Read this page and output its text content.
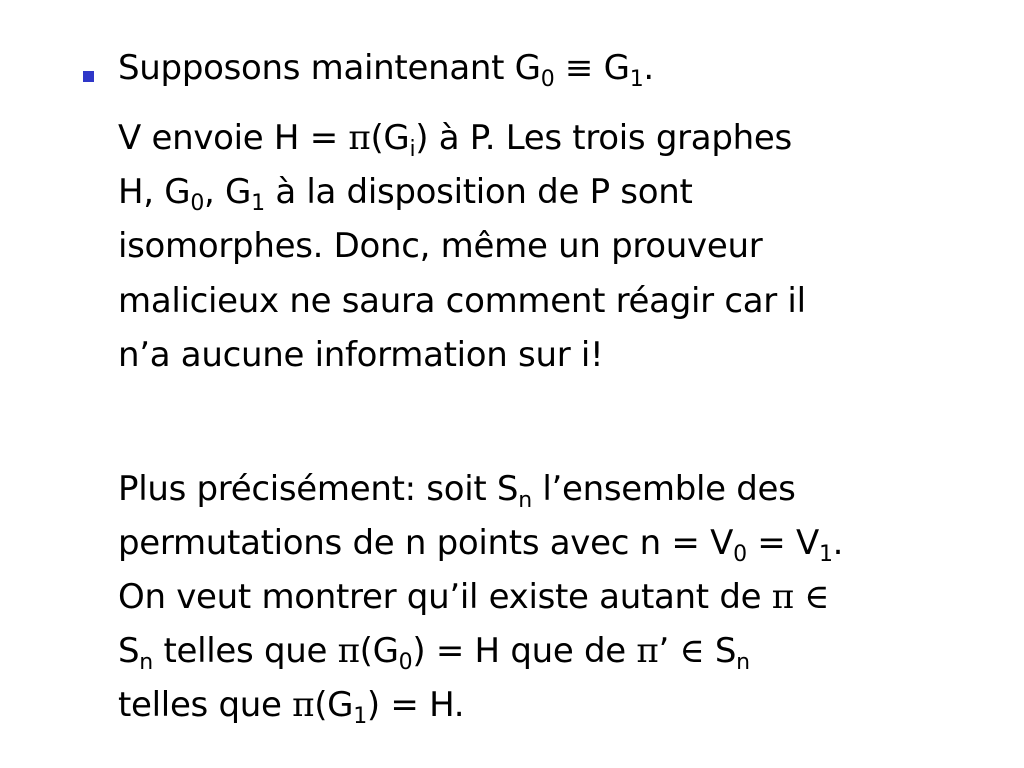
Supposons maintenant $G_0 \equiv G_1$.
V envoie $H = \pi(G_i)$ à P. Les trois graphes
H, $G_0$, $G_1$ à la disposition de P sont
isomorphes. Donc, même un prouveur
malicieux ne saura comment réagir car il
n’a aucune information sur i!
Plus précisément: soit $S_n$ l’ensemble des
permutations de n points avec $n = V_0 = V_1$.
On veut montrer qu’il existe autant de π ∈
$S_n$ telles que $\pi(G_0) = H$ que de π’ ∈ $S_n$
telles que $\pi(G_1) = H$.
